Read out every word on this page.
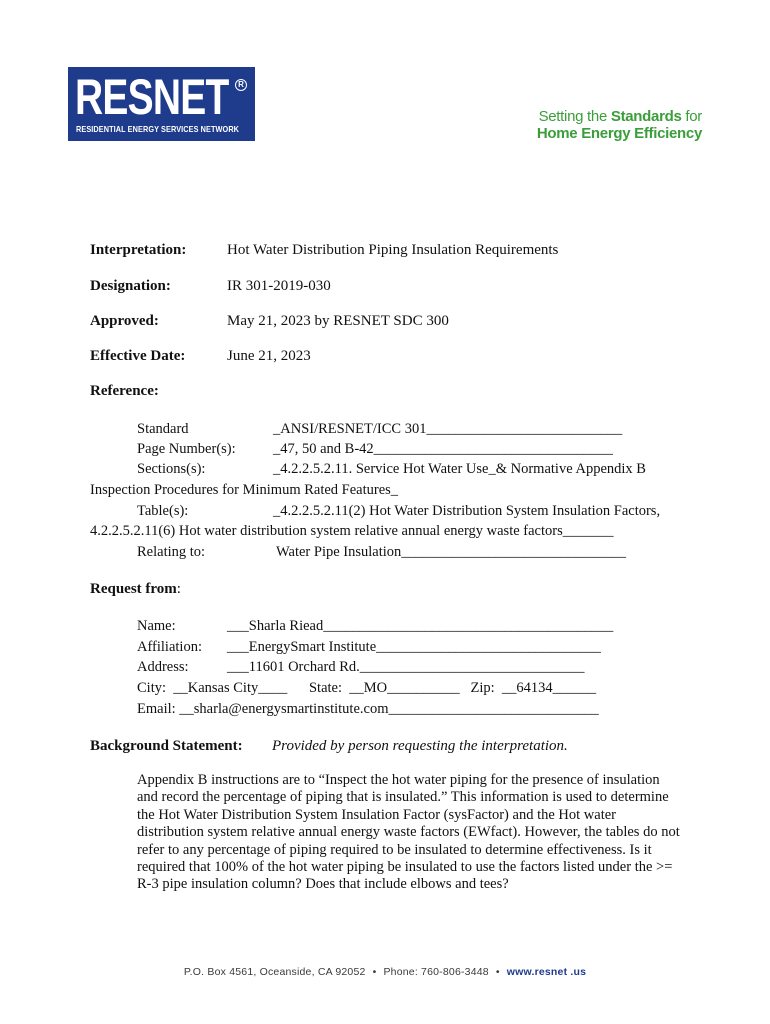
RESNET	R
RESIDENTIAL ENERGY SERVICES NETWORK
Setting the Standards for
Home Energy Efficiency
Interpretation:	Hot Water Distribution Piping Insulation Requirements
Designation:	IR 301-2019-030
Approved:	May 21, 2023 by RESNET SDC 300
Effective Date:	June 21, 2023
Reference:
Standard	_ANSI/RESNET/ICC 301___________________________
Page Number(s):	_47, 50 and B-42_________________________________
Sections(s):	_4.2.2.5.2.11. Service Hot Water Use_& Normative Appendix B
Inspection Procedures for Minimum Rated Features_
Table(s):	_4.2.2.5.2.11(2) Hot Water Distribution System Insulation Factors,
4.2.2.5.2.11(6) Hot water distribution system relative annual energy waste factors_______
Relating to:	Water Pipe Insulation_______________________________
Request from:
Name:	___Sharla Riead________________________________________
Affiliation: ___EnergySmart Institute_______________________________
Address:	___11601 Orchard Rd._______________________________
City:  __Kansas City____      State:  __MO__________   Zip:  __64134______
Email: __sharla@energysmartinstitute.com_____________________________
Background Statement: Provided by person requesting the interpretation.

Appendix B instructions are to “Inspect the hot water piping for the presence of insulation and record the percentage of piping that is insulated.” This information is used to determine the Hot Water Distribution System Insulation Factor (sysFactor) and the Hot water distribution system relative annual energy waste factors (EWfact). However, the tables do not refer to any percentage of piping required to be insulated to determine effectiveness. Is it required that 100% of the hot water piping be insulated to use the factors listed under the >= R-3 pipe insulation column? Does that include elbows and tees?

P.O. Box 4561, Oceanside, CA 92052 • Phone: 760-806-3448 • www.resnet .us
